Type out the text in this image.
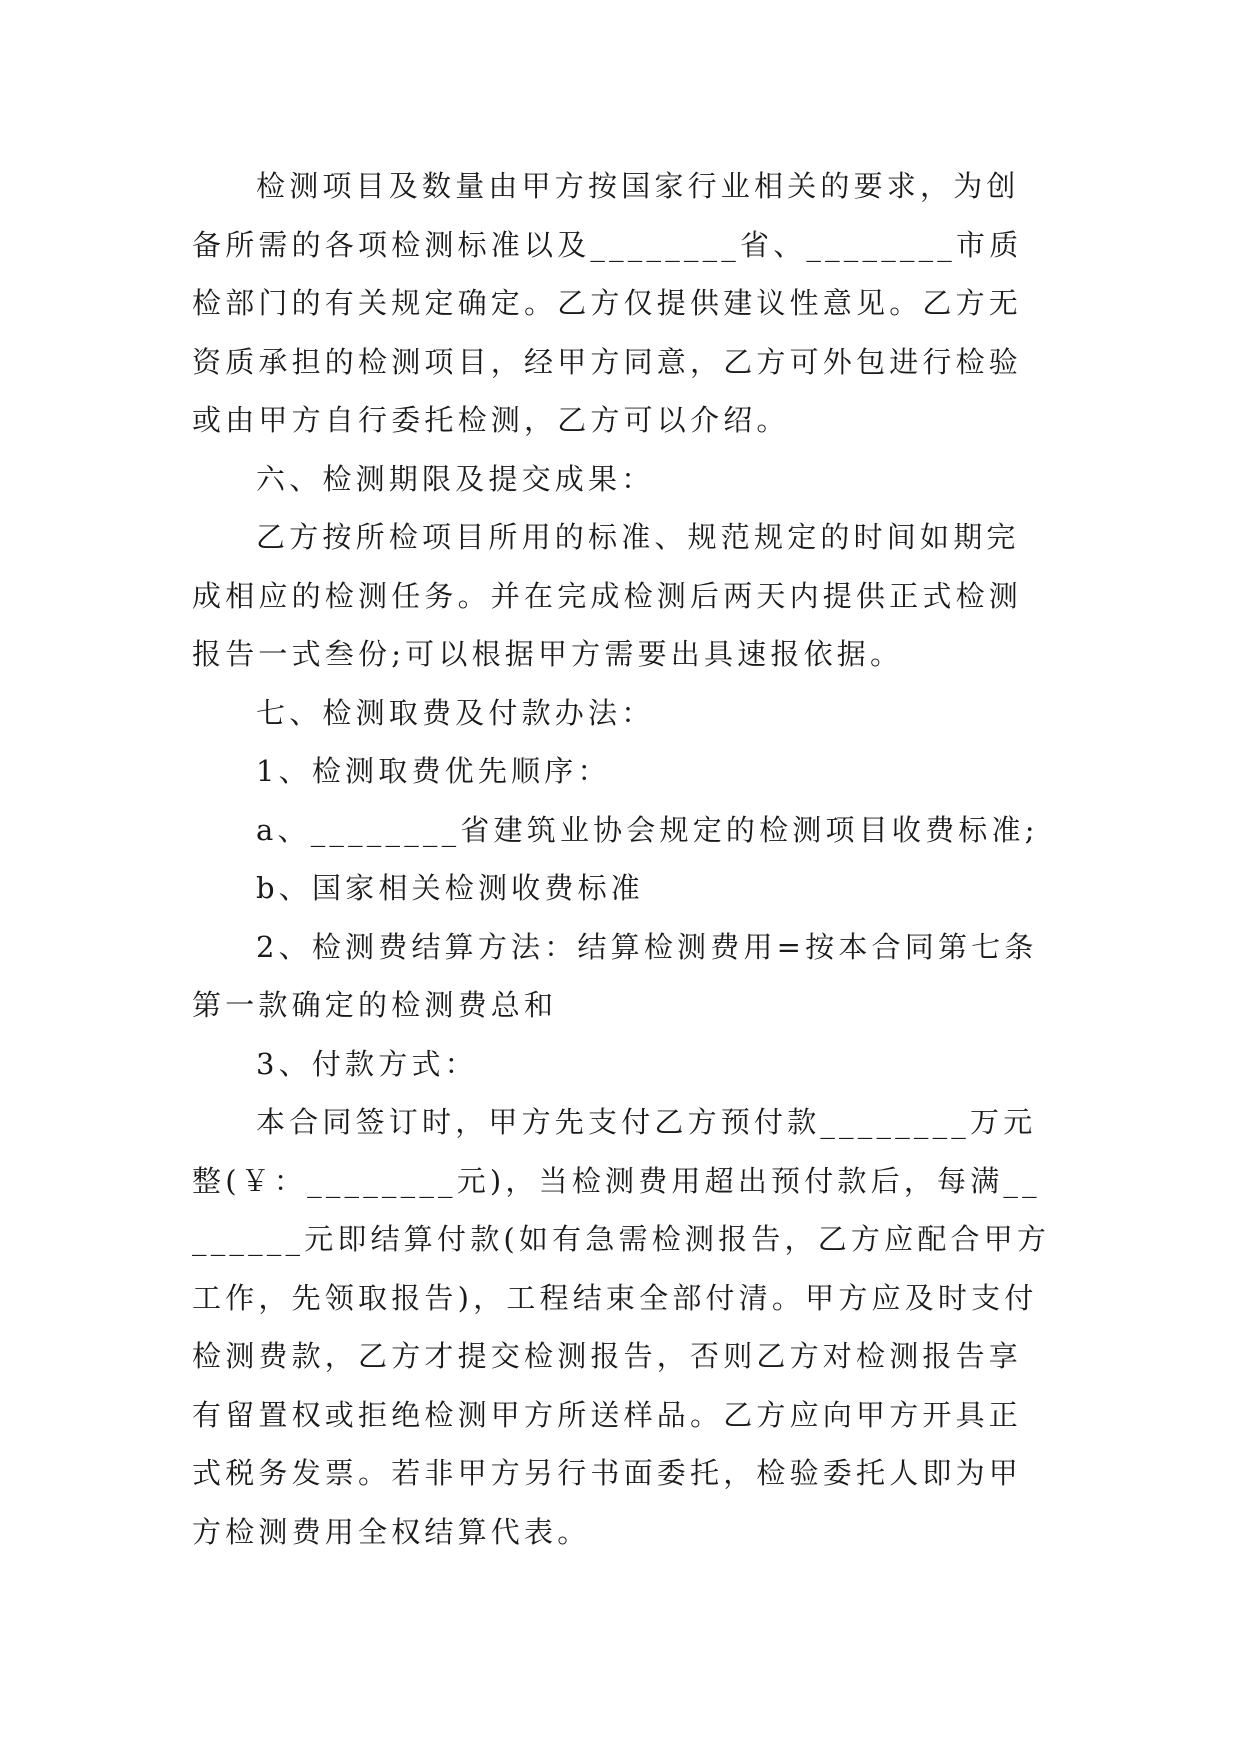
检测项目及数量由甲方按国家行业相关的要求，为创备所需的各项检测标准以及________省、________市质检部门的有关规定确定。乙方仅提供建议性意见。乙方无资质承担的检测项目，经甲方同意，乙方可外包进行检验或由甲方自行委托检测，乙方可以介绍。

六、检测期限及提交成果：

乙方按所检项目所用的标准、规范规定的时间如期完成相应的检测任务。并在完成检测后两天内提供正式检测报告一式叁份;可以根据甲方需要出具速报依据。

七、检测取费及付款办法：

1、检测取费优先顺序：

a、________省建筑业协会规定的检测项目收费标准;

b、国家相关检测收费标准

2、检测费结算方法：结算检测费用=按本合同第七条第一款确定的检测费总和

3、付款方式：

本合同签订时，甲方先支付乙方预付款________万元整(￥：________元)，当检测费用超出预付款后，每满________元即结算付款(如有急需检测报告，乙方应配合甲方工作，先领取报告)，工程结束全部付清。甲方应及时支付检测费款，乙方才提交检测报告，否则乙方对检测报告享有留置权或拒绝检测甲方所送样品。乙方应向甲方开具正式税务发票。若非甲方另行书面委托，检验委托人即为甲方检测费用全权结算代表。
